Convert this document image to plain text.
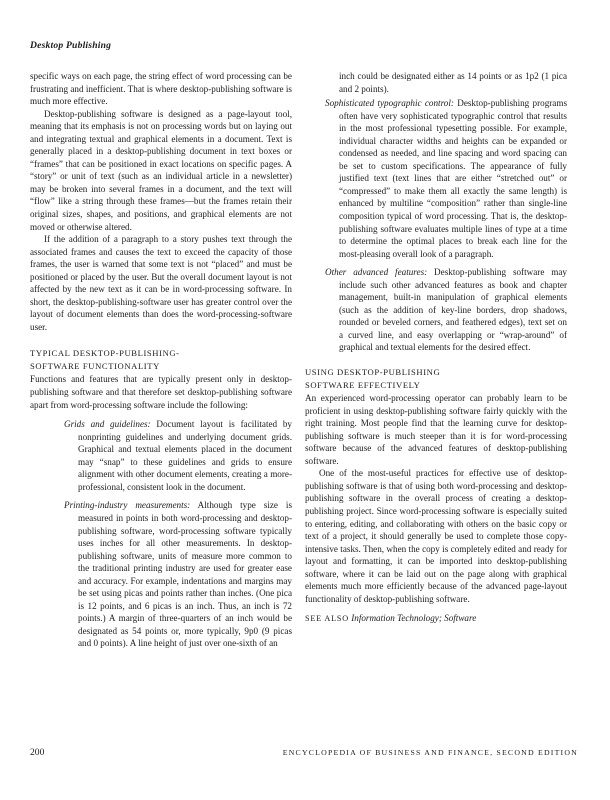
Desktop Publishing

specific ways on each page, the string effect of word processing can be frustrating and inefficient. That is where desktop-publishing software is much more effective.

Desktop-publishing software is designed as a page-layout tool, meaning that its emphasis is not on processing words but on laying out and integrating textual and graphical elements in a document. Text is generally placed in a desktop-publishing document in text boxes or “frames” that can be positioned in exact locations on specific pages. A “story” or unit of text (such as an individual article in a newsletter) may be broken into several frames in a document, and the text will “flow” like a string through these frames—but the frames retain their original sizes, shapes, and positions, and graphical elements are not moved or otherwise altered.

If the addition of a paragraph to a story pushes text through the associated frames and causes the text to exceed the capacity of those frames, the user is warned that some text is not “placed” and must be positioned or placed by the user. But the overall document layout is not affected by the new text as it can be in word-processing software. In short, the desktop-publishing-software user has greater control over the layout of document elements than does the word-processing-software user.

TYPICAL DESKTOP-PUBLISHING-
SOFTWARE FUNCTIONALITY

Functions and features that are typically present only in desktop-publishing software and that therefore set desktop-publishing software apart from word-processing software include the following:

Grids and guidelines: Document layout is facilitated by nonprinting guidelines and underlying document grids. Graphical and textual elements placed in the document may “snap” to these guidelines and grids to ensure alignment with other document elements, creating a more-professional, consistent look in the document.

Printing-industry measurements: Although type size is measured in points in both word-processing and desktop-publishing software, word-processing software typically uses inches for all other measurements. In desktop-publishing software, units of measure more common to the traditional printing industry are used for greater ease and accuracy. For example, indentations and margins may be set using picas and points rather than inches. (One pica is 12 points, and 6 picas is an inch. Thus, an inch is 72 points.) A margin of three-quarters of an inch would be designated as 54 points or, more typically, 9p0 (9 picas and 0 points). A line height of just over one-sixth of an

inch could be designated either as 14 points or as 1p2 (1 pica and 2 points).

Sophisticated typographic control: Desktop-publishing programs often have very sophisticated typographic control that results in the most professional typesetting possible. For example, individual character widths and heights can be expanded or condensed as needed, and line spacing and word spacing can be set to custom specifications. The appearance of fully justified text (text lines that are either “stretched out” or “compressed” to make them all exactly the same length) is enhanced by multiline “composition” rather than single-line composition typical of word processing. That is, the desktop-publishing software evaluates multiple lines of type at a time to determine the optimal places to break each line for the most-pleasing overall look of a paragraph.

Other advanced features: Desktop-publishing software may include such other advanced features as book and chapter management, built-in manipulation of graphical elements (such as the addition of key-line borders, drop shadows, rounded or beveled corners, and feathered edges), text set on a curved line, and easy overlapping or “wrap-around” of graphical and textual elements for the desired effect.

USING DESKTOP-PUBLISHING
SOFTWARE EFFECTIVELY

An experienced word-processing operator can probably learn to be proficient in using desktop-publishing software fairly quickly with the right training. Most people find that the learning curve for desktop-publishing software is much steeper than it is for word-processing software because of the advanced features of desktop-publishing software.

One of the most-useful practices for effective use of desktop-publishing software is that of using both word-processing and desktop-publishing software in the overall process of creating a desktop-publishing project. Since word-processing software is especially suited to entering, editing, and collaborating with others on the basic copy or text of a project, it should generally be used to complete those copy-intensive tasks. Then, when the copy is completely edited and ready for layout and formatting, it can be imported into desktop-publishing software, where it can be laid out on the page along with graphical elements much more efficiently because of the advanced page-layout functionality of desktop-publishing software.

SEE ALSO Information Technology; Software
200	ENCYCLOPEDIA OF BUSINESS AND FINANCE, SECOND EDITION
